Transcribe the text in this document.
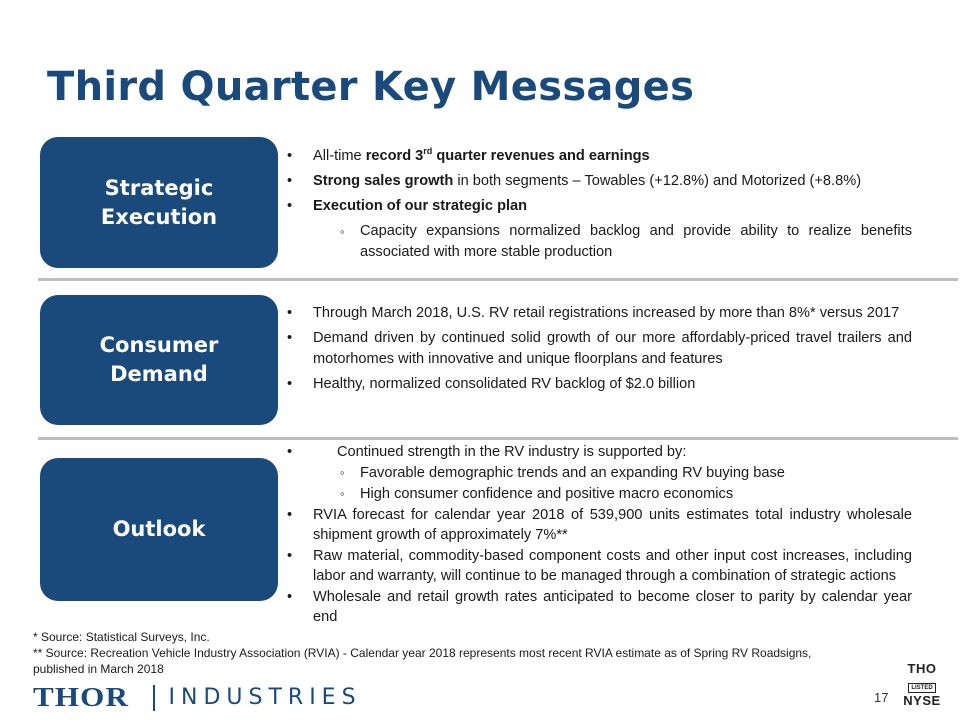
Third Quarter Key Messages
Strategic
Execution
• All-time record 3rd quarter revenues and earnings
• Strong sales growth in both segments – Towables (+12.8%) and Motorized (+8.8%)
• Execution of our strategic plan
◦ Capacity expansions normalized backlog and provide ability to realize benefits associated with more stable production
Consumer
Demand
• Through March 2018, U.S. RV retail registrations increased by more than 8%* versus 2017
• Demand driven by continued solid growth of our more affordably-priced travel trailers and motorhomes with innovative and unique floorplans and features
• Healthy, normalized consolidated RV backlog of $2.0 billion
Outlook
• Continued strength in the RV industry is supported by:
◦ Favorable demographic trends and an expanding RV buying base
◦ High consumer confidence and positive macro economics
• RVIA forecast for calendar year 2018 of 539,900 units estimates total industry wholesale shipment growth of approximately 7%**
• Raw material, commodity-based component costs and other input cost increases, including labor and warranty, will continue to be managed through a combination of strategic actions
• Wholesale and retail growth rates anticipated to become closer to parity by calendar year end
* Source: Statistical Surveys, Inc.
** Source: Recreation Vehicle Industry Association (RVIA) - Calendar year 2018 represents most recent RVIA estimate as of Spring RV Roadsigns, published in March 2018
THOR INDUSTRIES	17
THO
LISTED
NYSE
